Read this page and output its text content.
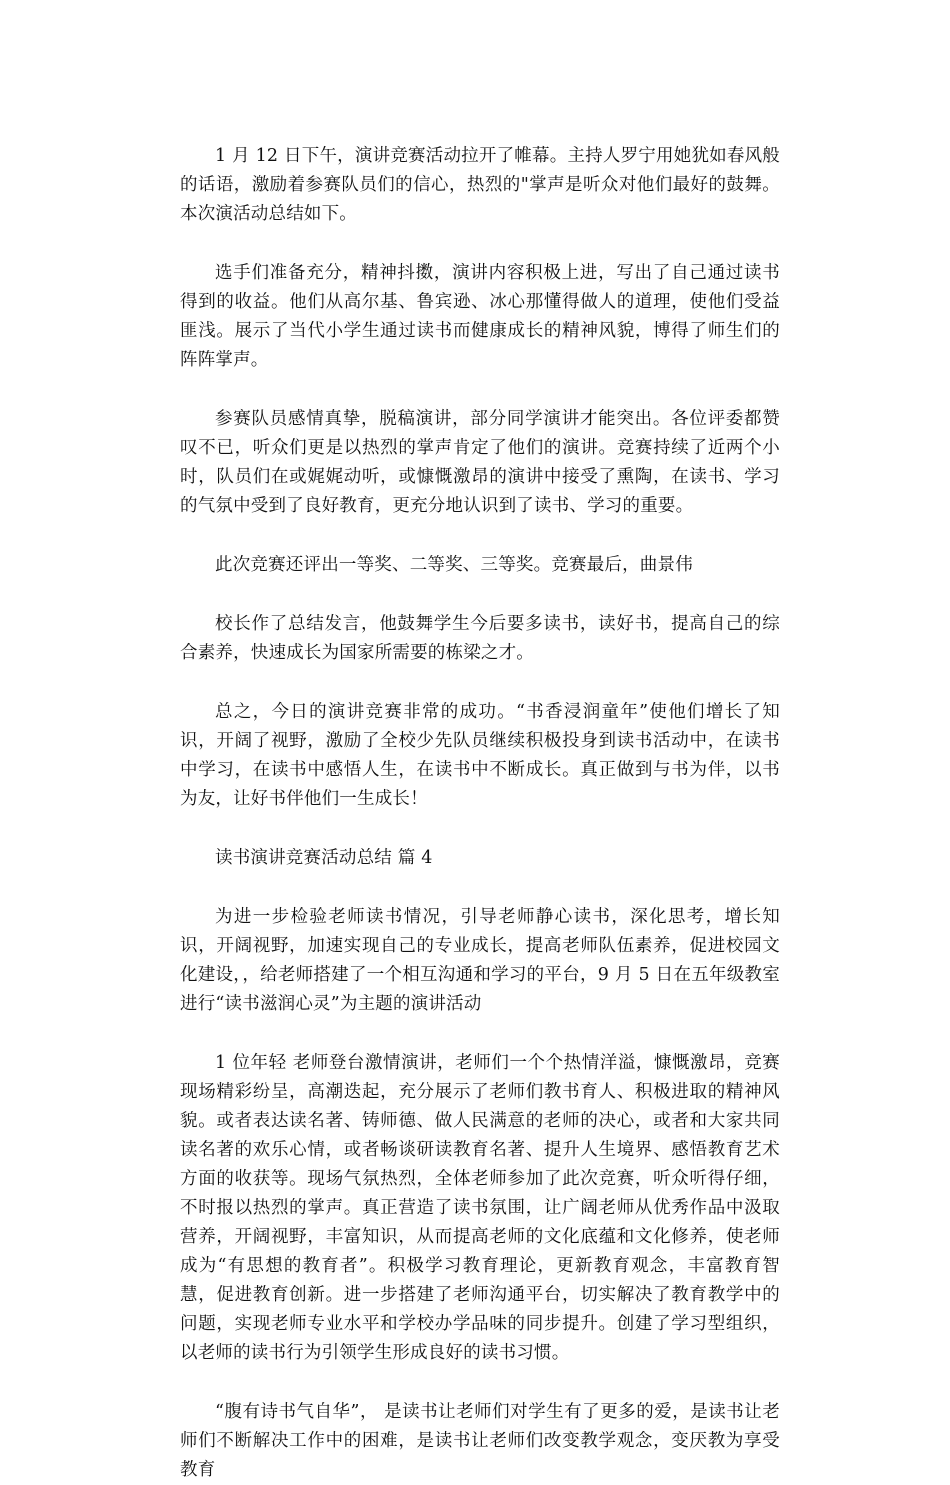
1 月 12 日下午，演讲竞赛活动拉开了帷幕。主持人罗宁用她犹如春风般的话语，激励着参赛队员们的信心，热烈的"掌声是听众对他们最好的鼓舞。本次演活动总结如下。

选手们准备充分，精神抖擞，演讲内容积极上进，写出了自己通过读书得到的收益。他们从高尔基、鲁宾逊、冰心那懂得做人的道理，使他们受益匪浅。展示了当代小学生通过读书而健康成长的精神风貌，博得了师生们的阵阵掌声。

参赛队员感情真挚，脱稿演讲，部分同学演讲才能突出。各位评委都赞叹不已，听众们更是以热烈的掌声肯定了他们的演讲。竞赛持续了近两个小时，队员们在或娓娓动听，或慷慨激昂的演讲中接受了熏陶，在读书、学习的气氛中受到了良好教育，更充分地认识到了读书、学习的重要。

此次竞赛还评出一等奖、二等奖、三等奖。竞赛最后，曲景伟

校长作了总结发言，他鼓舞学生今后要多读书，读好书，提高自己的综合素养，快速成长为国家所需要的栋梁之才。

总之，今日的演讲竞赛非常的成功。“书香浸润童年”使他们增长了知识，开阔了视野，激励了全校少先队员继续积极投身到读书活动中，在读书中学习，在读书中感悟人生，在读书中不断成长。真正做到与书为伴，以书为友，让好书伴他们一生成长！

读书演讲竞赛活动总结 篇 4

为进一步检验老师读书情况，引导老师静心读书，深化思考，增长知识，开阔视野，加速实现自己的专业成长，提高老师队伍素养，促进校园文化建设，，给老师搭建了一个相互沟通和学习的平台，9 月 5 日在五年级教室进行“读书滋润心灵”为主题的演讲活动

1 位年轻 老师登台激情演讲，老师们一个个热情洋溢，慷慨激昂，竞赛现场精彩纷呈，高潮迭起，充分展示了老师们教书育人、积极进取的精神风貌。或者表达读名著、铸师德、做人民满意的老师的决心，或者和大家共同读名著的欢乐心情，或者畅谈研读教育名著、提升人生境界、感悟教育艺术方面的收获等。现场气氛热烈，全体老师参加了此次竞赛，听众听得仔细，不时报以热烈的掌声。真正营造了读书氛围，让广阔老师从优秀作品中汲取营养，开阔视野，丰富知识，从而提高老师的文化底蕴和文化修养，使老师成为“有思想的教育者”。积极学习教育理论，更新教育观念，丰富教育智慧，促进教育创新。进一步搭建了老师沟通平台，切实解决了教育教学中的问题，实现老师专业水平和学校办学品味的同步提升。创建了学习型组织，以老师的读书行为引领学生形成良好的读书习惯。

“腹有诗书气自华”， 是读书让老师们对学生有了更多的爱，是读书让老师们不断解决工作中的困难，是读书让老师们改变教学观念，变厌教为享受教育
